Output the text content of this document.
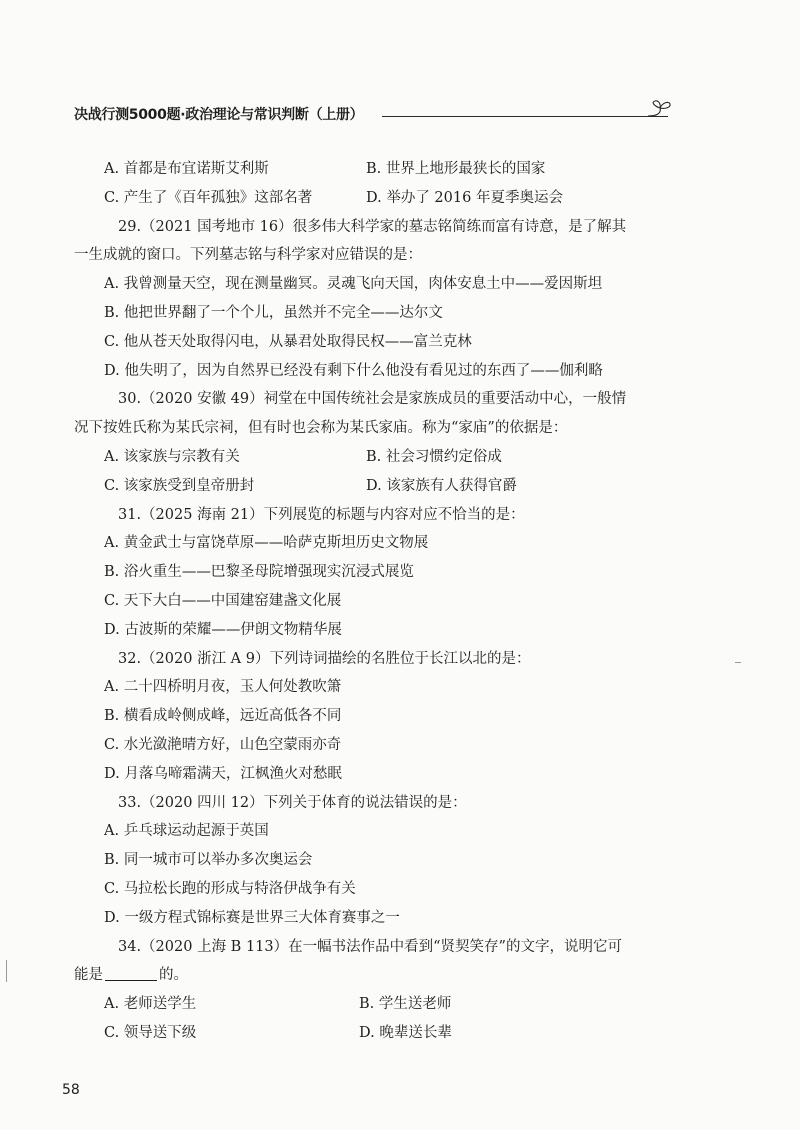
决战行测5000题·政治理论与常识判断（上册）
A. 首都是布宜诺斯艾利斯	B. 世界上地形最狭长的国家
C. 产生了《百年孤独》这部名著	D. 举办了 2016 年夏季奥运会
29.（2021 国考地市 16）很多伟大科学家的墓志铭简练而富有诗意，是了解其
一生成就的窗口。下列墓志铭与科学家对应错误的是：
A. 我曾测量天空，现在测量幽冥。灵魂飞向天国，肉体安息土中——爱因斯坦
B. 他把世界翻了一个个儿，虽然并不完全——达尔文
C. 他从苍天处取得闪电，从暴君处取得民权——富兰克林
D. 他失明了，因为自然界已经没有剩下什么他没有看见过的东西了——伽利略
30.（2020 安徽 49）祠堂在中国传统社会是家族成员的重要活动中心，一般情
况下按姓氏称为某氏宗祠，但有时也会称为某氏家庙。称为“家庙”的依据是：
A. 该家族与宗教有关	B. 社会习惯约定俗成
C. 该家族受到皇帝册封	D. 该家族有人获得官爵
31.（2025 海南 21）下列展览的标题与内容对应不恰当的是：
A. 黄金武士与富饶草原——哈萨克斯坦历史文物展
B. 浴火重生——巴黎圣母院增强现实沉浸式展览
C. 天下大白——中国建窑建盏文化展
D. 古波斯的荣耀——伊朗文物精华展
32.（2020 浙江 A 9）下列诗词描绘的名胜位于长江以北的是：
A. 二十四桥明月夜，玉人何处教吹箫
B. 横看成岭侧成峰，远近高低各不同
C. 水光潋滟晴方好，山色空蒙雨亦奇
D. 月落乌啼霜满天，江枫渔火对愁眠
33.（2020 四川 12）下列关于体育的说法错误的是：
A. 乒乓球运动起源于英国
B. 同一城市可以举办多次奥运会
C. 马拉松长跑的形成与特洛伊战争有关
D. 一级方程式锦标赛是世界三大体育赛事之一
34.（2020 上海 B 113）在一幅书法作品中看到“贤契笑存”的文字，说明它可
能是	的。
A. 老师送学生	B. 学生送老师
C. 领导送下级	D. 晚辈送长辈
58
